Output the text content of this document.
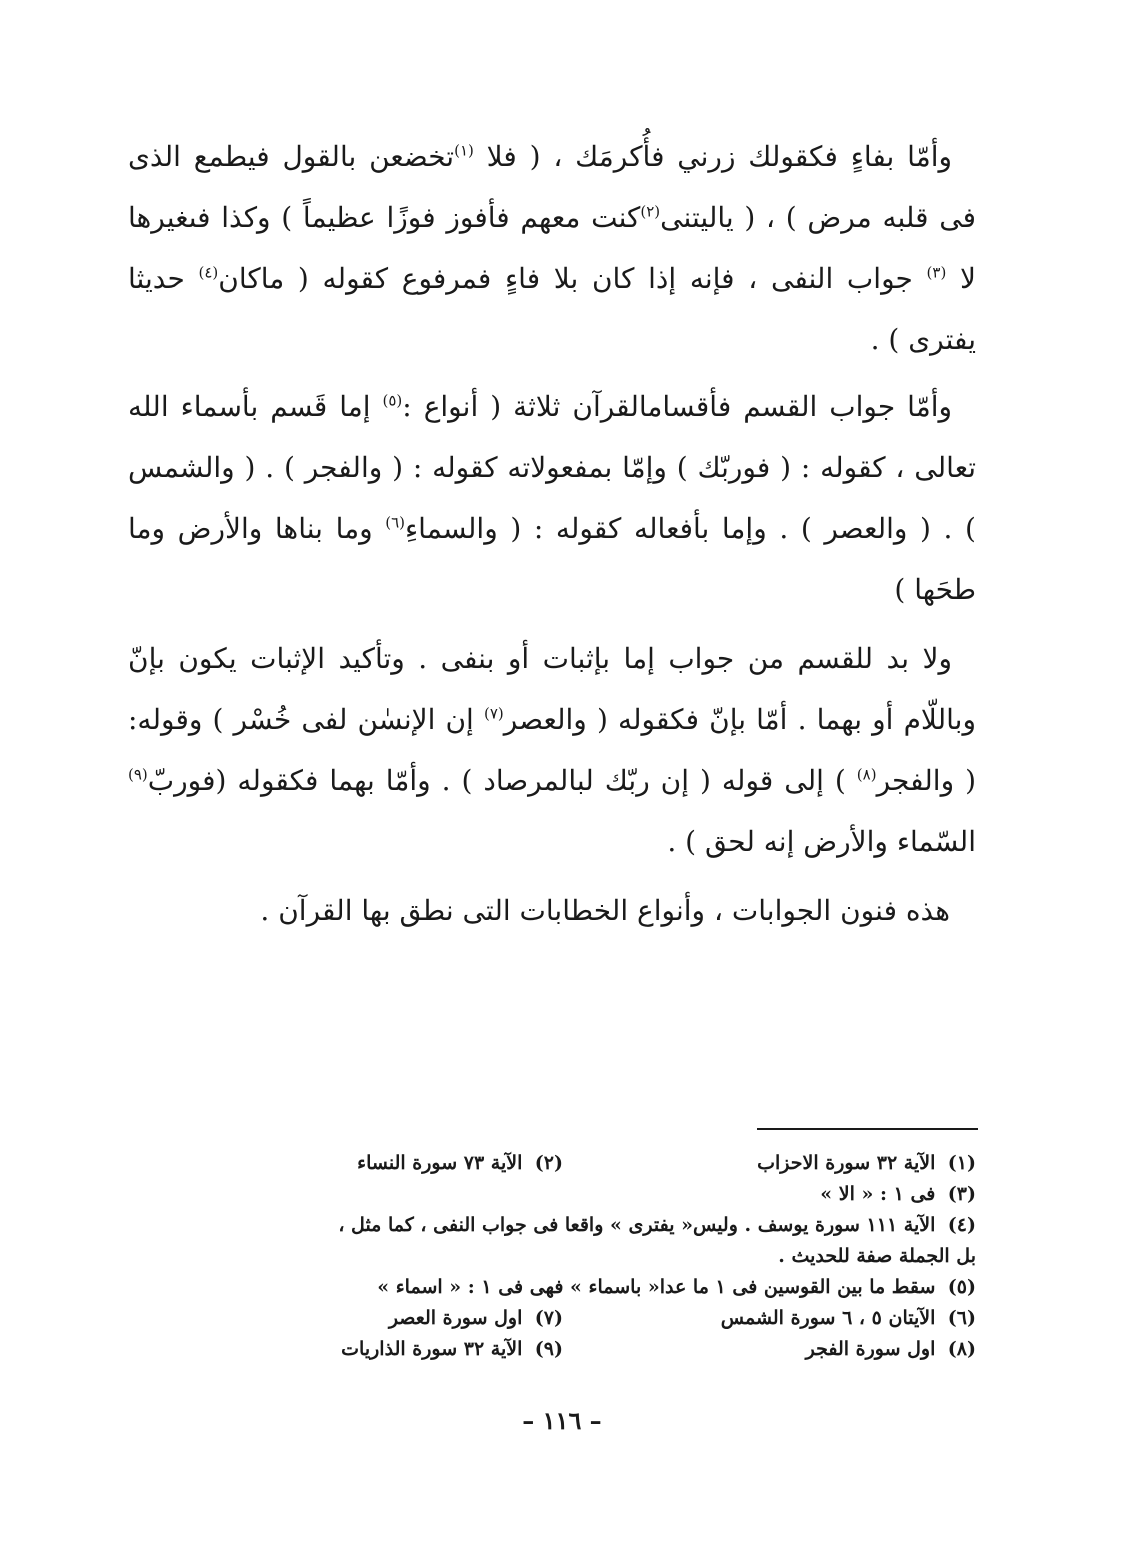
وأمّا بفاءٍ فكقولك زرني فأُكرمَك ، ( فلا $^{(١)}$تخضعن بالقول فيطمع الذى فى قلبه مرض ) ، ( ياليتنى$^{(٢)}$كنت معهم فأفوز فوزًا عظيماً ) وكذا فىغيرها لا $^{(٣)}$ جواب النفى ، فإنه إذا كان بلا فاءٍ فمرفوع كقوله ( ماكان$^{(٤)}$ حديثا يفترى ) .

وأمّا جواب القسم فأقسامالقرآن ثلاثة ( أنواع :$^{(٥)}$ إما قَسم بأسماء الله تعالى ، كقوله : ( فوربّك ) وإمّا بمفعولاته كقوله : ( والفجر ) . ( والشمس ) . ( والعصر ) . وإما بأفعاله كقوله : ( والسماءِ$^{(٦)}$ وما بناها والأرض وما طحَها )

ولا بد للقسم من جواب إما بإثبات أو بنفى . وتأكيد الإثبات يكون بإنّ وباللّام أو بهما . أمّا بإنّ فكقوله ( والعصر$^{(٧)}$ إن الإنسٰن لفى خُسْر ) وقوله: ( والفجر$^{(٨)}$ ) إلى قوله ( إن ربّك لبالمرصاد ) . وأمّا بهما فكقوله (فوربّ$^{(٩)}$ السّماء والأرض إنه لحق ) .

هذه فنون الجوابات ، وأنواع الخطابات التى نطق بها القرآن .

(١) الآية ٣٢ سورة الاحزاب
(٢) الآية ٧٣ سورة النساء
(٣) فى ١ : « الا »
(٤) الآية ١١١ سورة يوسف . وليس« يفترى » واقعا فى جواب النفى ، كما مثل ،
بل الجملة صفة للحديث .
(٥) سقط ما بين القوسين فى ١ ما عدا« باسماء » فهى فى ١ : « اسماء »
(٦) الآيتان ٥ ، ٦ سورة الشمس
(٧) اول سورة العصر
(٨) اول سورة الفجر
(٩) الآية ٣٢ سورة الذاريات
– ١١٦ –
